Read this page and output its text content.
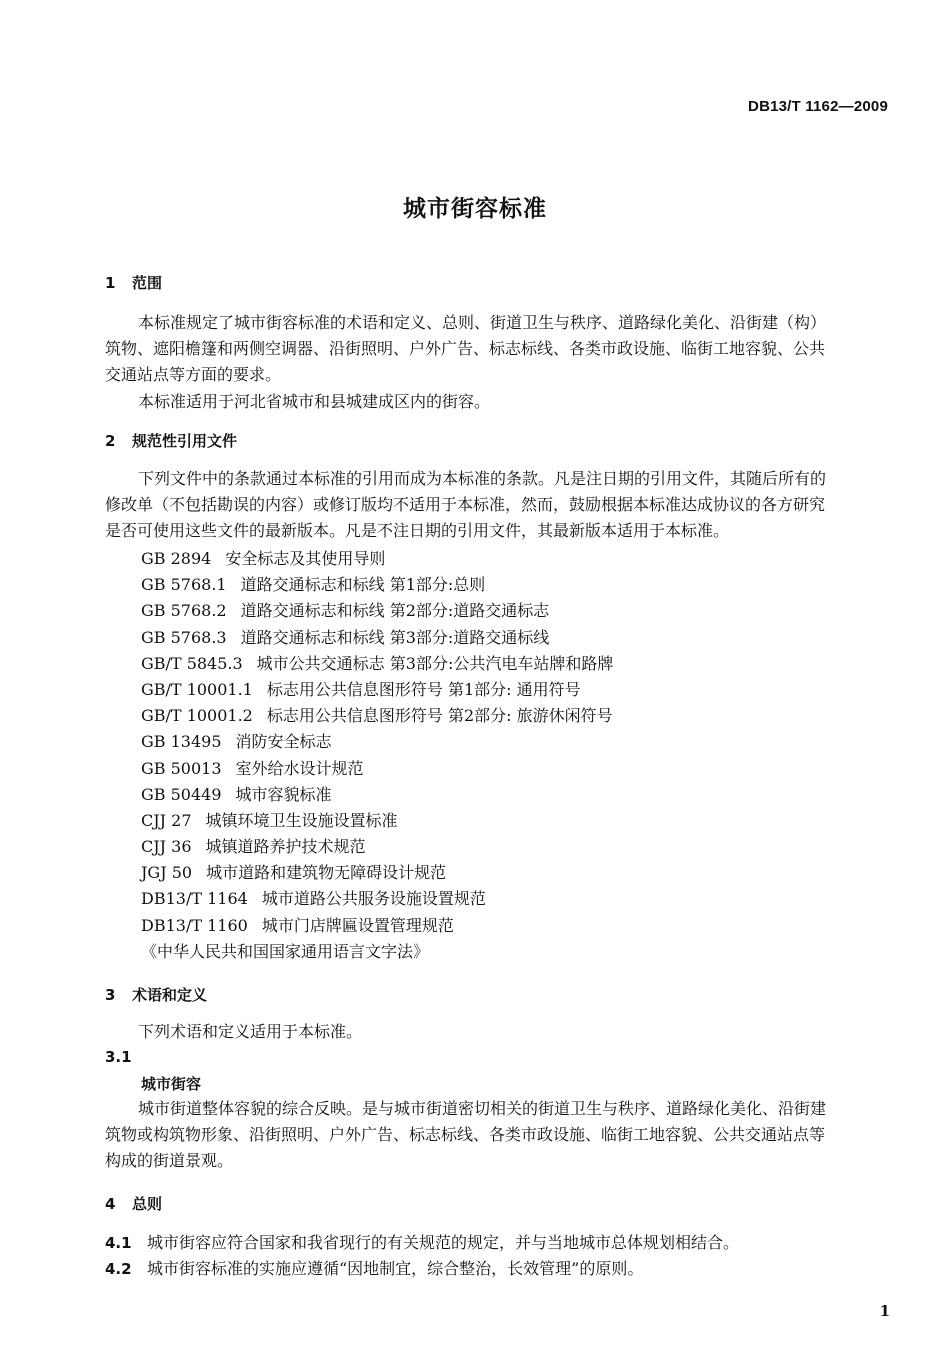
DB13/T 1162—2009
城市街容标准
1 范围
本标准规定了城市街容标准的术语和定义、总则、街道卫生与秩序、道路绿化美化、沿街建（构）
筑物、遮阳檐篷和两侧空调器、沿街照明、户外广告、标志标线、各类市政设施、临街工地容貌、公共
交通站点等方面的要求。
本标准适用于河北省城市和县城建成区内的街容。
2 规范性引用文件
下列文件中的条款通过本标准的引用而成为本标准的条款。凡是注日期的引用文件，其随后所有的
修改单（不包括勘误的内容）或修订版均不适用于本标准，然而，鼓励根据本标准达成协议的各方研究
是否可使用这些文件的最新版本。凡是不注日期的引用文件，其最新版本适用于本标准。
GB 2894 安全标志及其使用导则
GB 5768.1 道路交通标志和标线 第1部分:总则
GB 5768.2 道路交通标志和标线 第2部分:道路交通标志
GB 5768.3 道路交通标志和标线 第3部分:道路交通标线
GB/T 5845.3 城市公共交通标志 第3部分:公共汽电车站牌和路牌
GB/T 10001.1 标志用公共信息图形符号 第1部分: 通用符号
GB/T 10001.2 标志用公共信息图形符号 第2部分: 旅游休闲符号
GB 13495 消防安全标志
GB 50013 室外给水设计规范
GB 50449 城市容貌标准
CJJ 27 城镇环境卫生设施设置标准
CJJ 36 城镇道路养护技术规范
JGJ 50 城市道路和建筑物无障碍设计规范
DB13/T 1164 城市道路公共服务设施设置规范
DB13/T 1160 城市门店牌匾设置管理规范
《中华人民共和国国家通用语言文字法》
3 术语和定义
下列术语和定义适用于本标准。
3.1
城市街容
城市街道整体容貌的综合反映。是与城市街道密切相关的街道卫生与秩序、道路绿化美化、沿街建
筑物或构筑物形象、沿街照明、户外广告、标志标线、各类市政设施、临街工地容貌、公共交通站点等
构成的街道景观。
4 总则
4.1 城市街容应符合国家和我省现行的有关规范的规定，并与当地城市总体规划相结合。
4.2 城市街容标准的实施应遵循“因地制宜，综合整治，长效管理”的原则。
1
